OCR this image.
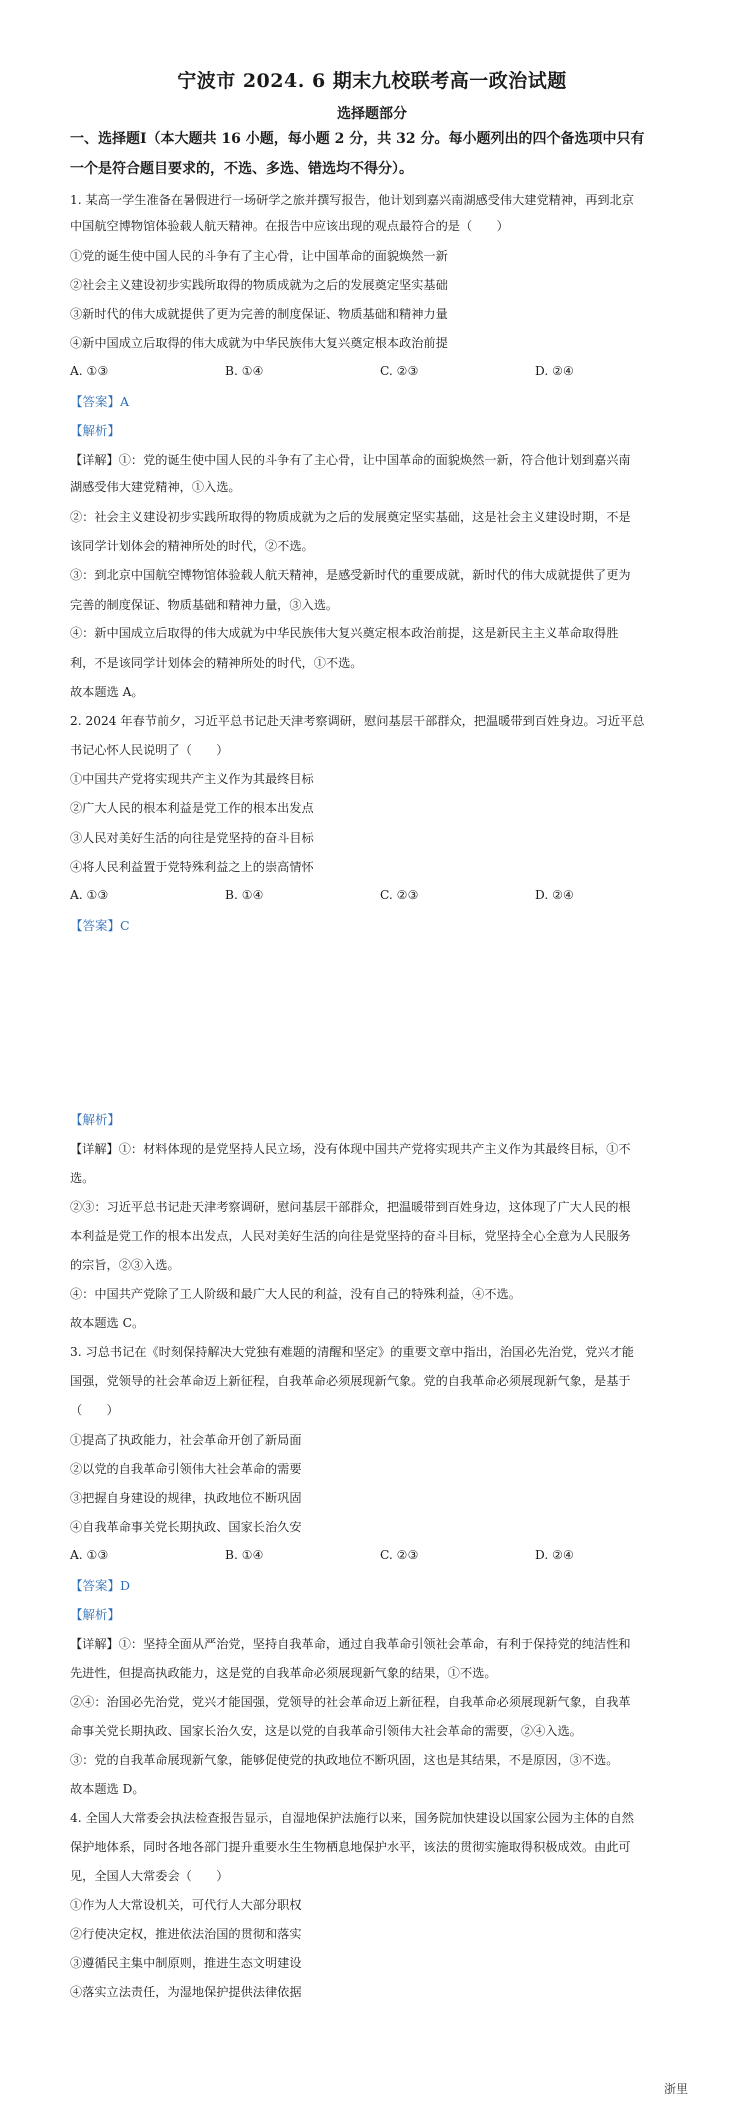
宁波市 2024. 6 期末九校联考高一政治试题
选择题部分
一、选择题Ⅰ（本大题共 16 小题，每小题 2 分，共 32 分。每小题列出的四个备选项中只有
一个是符合题目要求的，不选、多选、错选均不得分）。
1. 某高一学生准备在暑假进行一场研学之旅并撰写报告，他计划到嘉兴南湖感受伟大建党精神，再到北京
中国航空博物馆体验载人航天精神。在报告中应该出现的观点最符合的是（　　）
①党的诞生使中国人民的斗争有了主心骨，让中国革命的面貌焕然一新
②社会主义建设初步实践所取得的物质成就为之后的发展奠定坚实基础
③新时代的伟大成就提供了更为完善的制度保证、物质基础和精神力量
④新中国成立后取得的伟大成就为中华民族伟大复兴奠定根本政治前提
A. ①③	B. ①④	C. ②③	D. ②④
【答案】A
【解析】
【详解】①：党的诞生使中国人民的斗争有了主心骨，让中国革命的面貌焕然一新，符合他计划到嘉兴南
湖感受伟大建党精神，①入选。
②：社会主义建设初步实践所取得的物质成就为之后的发展奠定坚实基础，这是社会主义建设时期，不是
该同学计划体会的精神所处的时代，②不选。
③：到北京中国航空博物馆体验载人航天精神，是感受新时代的重要成就，新时代的伟大成就提供了更为
完善的制度保证、物质基础和精神力量，③入选。
④：新中国成立后取得的伟大成就为中华民族伟大复兴奠定根本政治前提，这是新民主主义革命取得胜
利，不是该同学计划体会的精神所处的时代，①不选。
故本题选 A。
2. 2024 年春节前夕，习近平总书记赴天津考察调研，慰问基层干部群众，把温暖带到百姓身边。习近平总
书记心怀人民说明了（　　）
①中国共产党将实现共产主义作为其最终目标
②广大人民的根本利益是党工作的根本出发点
③人民对美好生活的向往是党坚持的奋斗目标
④将人民利益置于党特殊利益之上的崇高情怀
A. ①③	B. ①④	C. ②③	D. ②④
【答案】C
【解析】
【详解】①：材料体现的是党坚持人民立场，没有体现中国共产党将实现共产主义作为其最终目标，①不
选。
②③：习近平总书记赴天津考察调研，慰问基层干部群众，把温暖带到百姓身边，这体现了广大人民的根
本利益是党工作的根本出发点，人民对美好生活的向往是党坚持的奋斗目标，党坚持全心全意为人民服务
的宗旨，②③入选。
④：中国共产党除了工人阶级和最广大人民的利益，没有自己的特殊利益，④不选。
故本题选 C。
3. 习总书记在《时刻保持解决大党独有难题的清醒和坚定》的重要文章中指出，治国必先治党，党兴才能
国强，党领导的社会革命迈上新征程，自我革命必须展现新气象。党的自我革命必须展现新气象，是基于
（　　）
①提高了执政能力，社会革命开创了新局面
②以党的自我革命引领伟大社会革命的需要
③把握自身建设的规律，执政地位不断巩固
④自我革命事关党长期执政、国家长治久安
A. ①③	B. ①④	C. ②③	D. ②④
【答案】D
【解析】
【详解】①：坚持全面从严治党，坚持自我革命，通过自我革命引领社会革命，有利于保持党的纯洁性和
先进性，但提高执政能力，这是党的自我革命必须展现新气象的结果，①不选。
②④：治国必先治党，党兴才能国强，党领导的社会革命迈上新征程，自我革命必须展现新气象，自我革
命事关党长期执政、国家长治久安，这是以党的自我革命引领伟大社会革命的需要，②④入选。
③：党的自我革命展现新气象，能够促使党的执政地位不断巩固，这也是其结果，不是原因，③不选。
故本题选 D。
4. 全国人大常委会执法检查报告显示，自湿地保护法施行以来，国务院加快建设以国家公园为主体的自然
保护地体系，同时各地各部门提升重要水生生物栖息地保护水平，该法的贯彻实施取得积极成效。由此可
见，全国人大常委会（　　）
①作为人大常设机关，可代行人大部分职权
②行使决定权，推进依法治国的贯彻和落实
③遵循民主集中制原则，推进生态文明建设
④落实立法责任，为湿地保护提供法律依据
浙里
